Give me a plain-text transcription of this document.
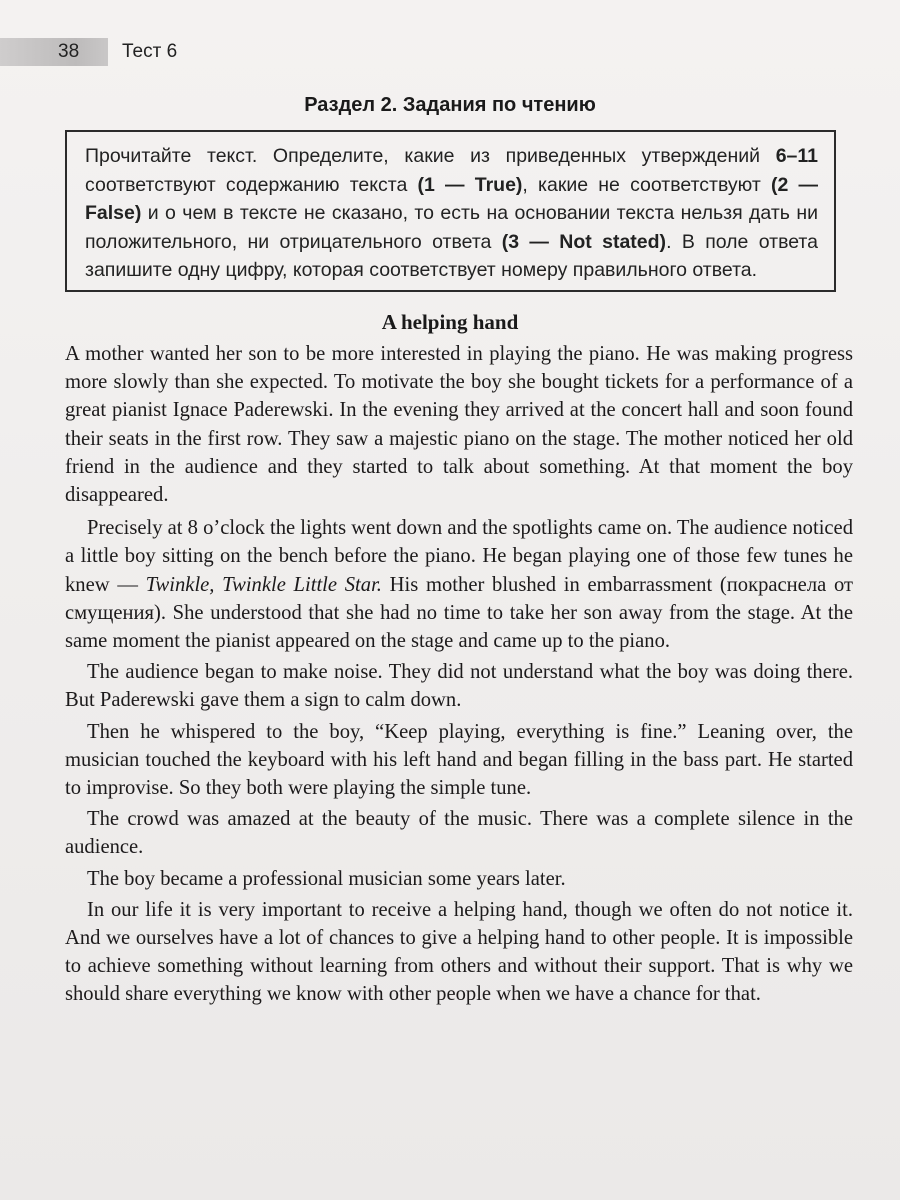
38 Тест 6
Раздел 2. Задания по чтению
Прочитайте текст. Определите, какие из приведенных утверждений 6–11 соответствуют содержанию текста (1 — True), какие не соответствуют (2 — False) и о чем в тексте не сказано, то есть на основании текста нельзя дать ни положительного, ни отрицательного ответа (3 — Not stated). В поле ответа запишите одну цифру, которая соответствует номеру правильного ответа.
A helping hand

A mother wanted her son to be more interested in playing the piano. He was making progress more slowly than she expected. To motivate the boy she bought tickets for a performance of a great pianist Ignace Paderewski. In the evening they arrived at the concert hall and soon found their seats in the first row. They saw a majestic piano on the stage. The mother noticed her old friend in the audience and they started to talk about something. At that moment the boy disappeared.

Precisely at 8 o’clock the lights went down and the spotlights came on. The audience noticed a little boy sitting on the bench before the piano. He began playing one of those few tunes he knew — Twinkle, Twinkle Little Star. His mother blushed in embarrassment (покраснела от смущения). She understood that she had no time to take her son away from the stage. At the same moment the pianist appeared on the stage and came up to the piano.

The audience began to make noise. They did not understand what the boy was doing there. But Paderewski gave them a sign to calm down.

Then he whispered to the boy, “Keep playing, everything is fine.” Leaning over, the musician touched the keyboard with his left hand and began filling in the bass part. He started to improvise. So they both were playing the simple tune.

The crowd was amazed at the beauty of the music. There was a complete silence in the audience.

The boy became a professional musician some years later.

In our life it is very important to receive a helping hand, though we often do not notice it. And we ourselves have a lot of chances to give a helping hand to other people. It is impossible to achieve something without learning from others and without their support. That is why we should share everything we know with other people when we have a chance for that.
